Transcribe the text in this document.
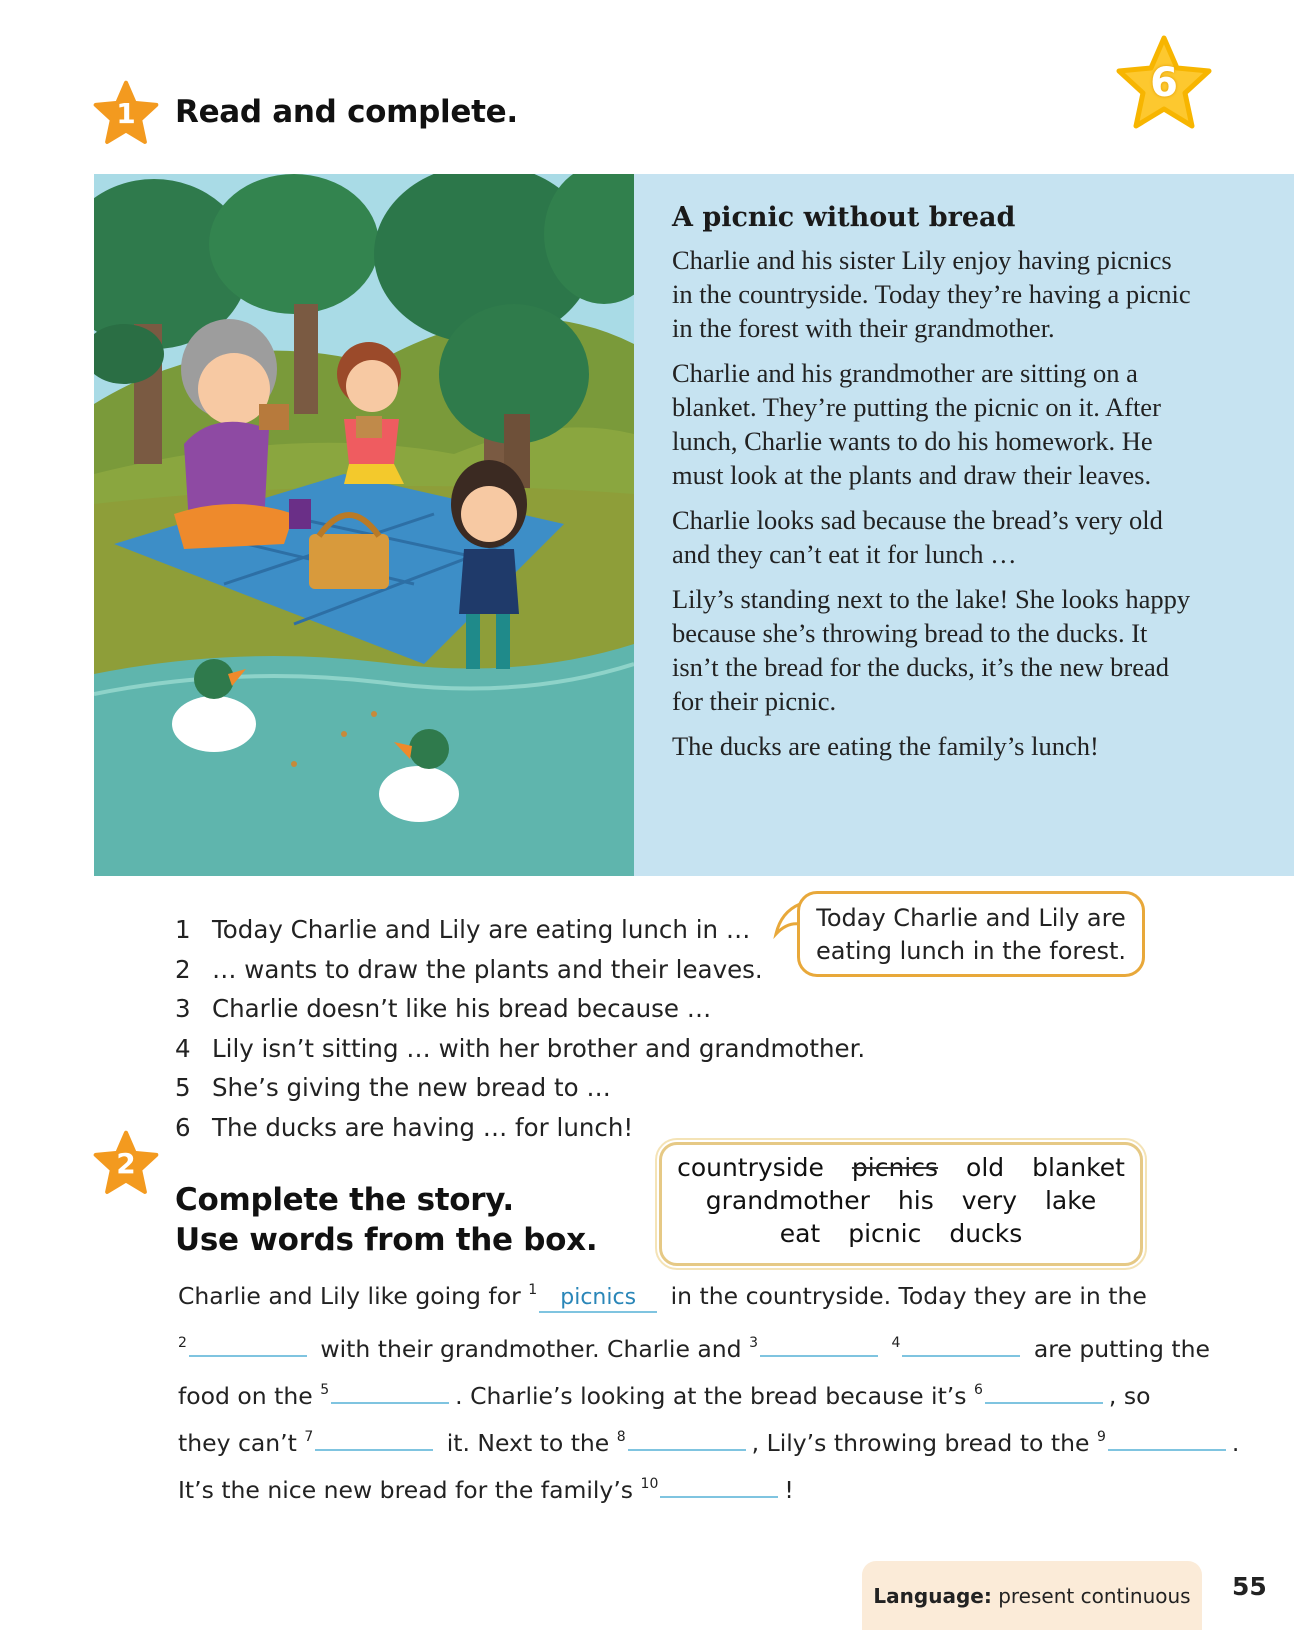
6
1 Read and complete.
A picnic without bread

Charlie and his sister Lily enjoy having picnics in the countryside. Today they’re having a picnic in the forest with their grandmother.

Charlie and his grandmother are sitting on a blanket. They’re putting the picnic on it. After lunch, Charlie wants to do his homework. He must look at the plants and draw their leaves.

Charlie looks sad because the bread’s very old and they can’t eat it for lunch …

Lily’s standing next to the lake! She looks happy because she’s throwing bread to the ducks. It isn’t the bread for the ducks, it’s the new bread for their picnic.

The ducks are eating the family’s lunch!

1 Today Charlie and Lily are eating lunch in …
2 … wants to draw the plants and their leaves.
3 Charlie doesn’t like his bread because …
4 Lily isn’t sitting … with her brother and grandmother.
5 She’s giving the new bread to …
6 The ducks are having … for lunch!
Today Charlie and Lily are
eating lunch in the forest.
2
Complete the story.
Use words from the box.
countryside picnics old blanket
grandmother his very lake
eat picnic ducks
Charlie and Lily like going for $^1$ picnics in the countryside. Today they are in the
$^2$	with their grandmother. Charlie and $^3$	$^4$	are putting the
food on the $^5$	. Charlie’s looking at the bread because it’s $^6$	, so
they can’t $^7$	it. Next to the $^8$	, Lily’s throwing bread to the $^9$	.
It’s the nice new bread for the family’s $^{10}$	!
Language:
present continuous 55
